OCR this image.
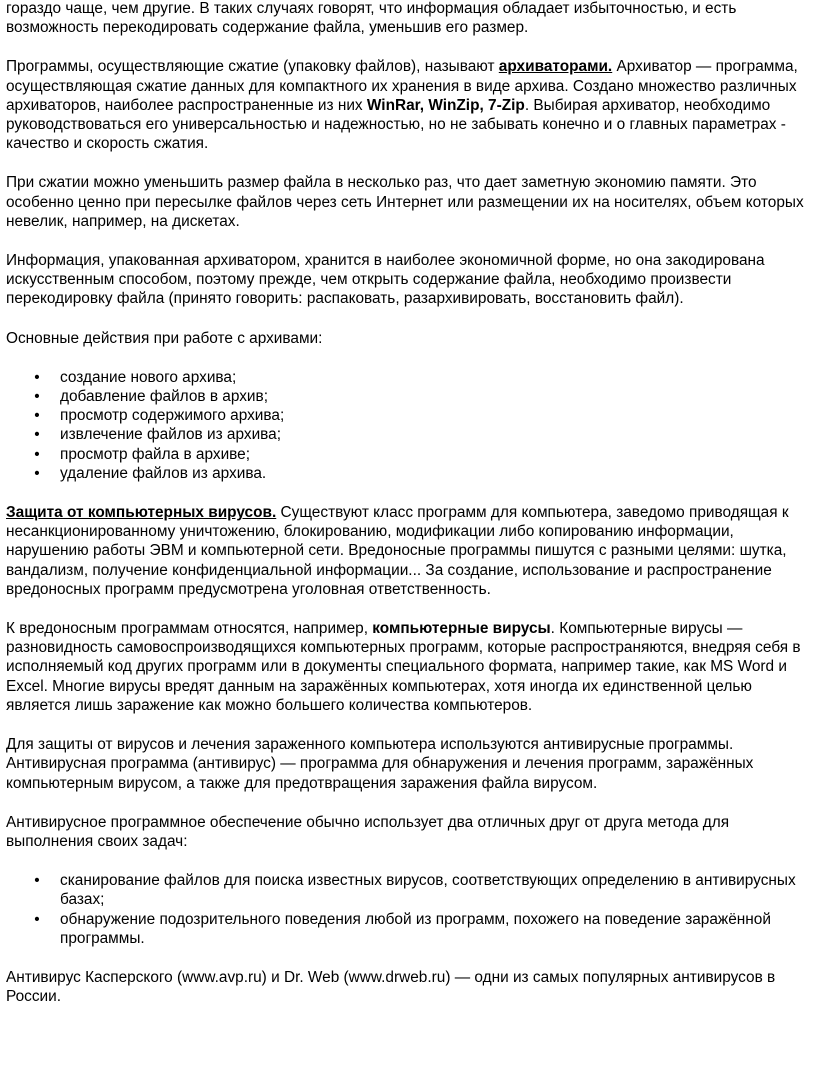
гораздо чаще, чем другие. В таких случаях говорят, что информация обладает избыточностью, и есть возможность перекодировать содержание файла, уменьшив его размер.

Программы, осуществляющие сжатие (упаковку файлов), называют архиваторами. Архиватор — программа, осуществляющая сжатие данных для компактного их хранения в виде архива. Создано множество различных архиваторов, наиболее распространенные из них WinRar, WinZip, 7-Zip. Выбирая архиватор, необходимо руководствоваться его универсальностью и надежностью, но не забывать конечно и о главных параметрах - качество и скорость сжатия.

При сжатии можно уменьшить размер файла в несколько раз, что дает заметную экономию памяти. Это особенно ценно при пересылке файлов через сеть Интернет или размещении их на носителях, объем которых невелик, например, на дискетах.

Информация, упакованная архиватором, хранится в наиболее экономичной форме, но она закодирована искусственным способом, поэтому прежде, чем открыть содержание файла, необходимо произвести перекодировку файла (принято говорить: распаковать, разархивировать, восстановить файл).

Основные действия при работе с архивами:

• создание нового архива;
• добавление файлов в архив;
• просмотр содержимого архива;
• извлечение файлов из архива;
• просмотр файла в архиве;
• удаление файлов из архива.

Защита от компьютерных вирусов. Существуют класс программ для компьютера, заведомо приводящая к несанкционированному уничтожению, блокированию, модификации либо копированию информации, нарушению работы ЭВМ и компьютерной сети. Вредоносные программы пишутся с разными целями: шутка, вандализм, получение конфиденциальной информации... За создание, использование и распространение вредоносных программ предусмотрена уголовная ответственность.

К вредоносным программам относятся, например, компьютерные вирусы. Компьютерные вирусы — разновидность самовоспроизводящихся компьютерных программ, которые распространяются, внедряя себя в исполняемый код других программ или в документы специального формата, например такие, как MS Word и Excel. Многие вирусы вредят данным на заражённых компьютерах, хотя иногда их единственной целью является лишь заражение как можно большего количества компьютеров.

Для защиты от вирусов и лечения зараженного компьютера используются антивирусные программы. Антивирусная программа (антивирус) — программа для обнаружения и лечения программ, заражённых компьютерным вирусом, а также для предотвращения заражения файла вирусом.

Антивирусное программное обеспечение обычно использует два отличных друг от друга метода для выполнения своих задач:

• сканирование файлов для поиска известных вирусов, соответствующих определению в антивирусных базах;
• обнаружение подозрительного поведения любой из программ, похожего на поведение заражённой программы.

Антивирус Касперского (www.avp.ru) и Dr. Web (www.drweb.ru) — одни из самых популярных антивирусов в России.
